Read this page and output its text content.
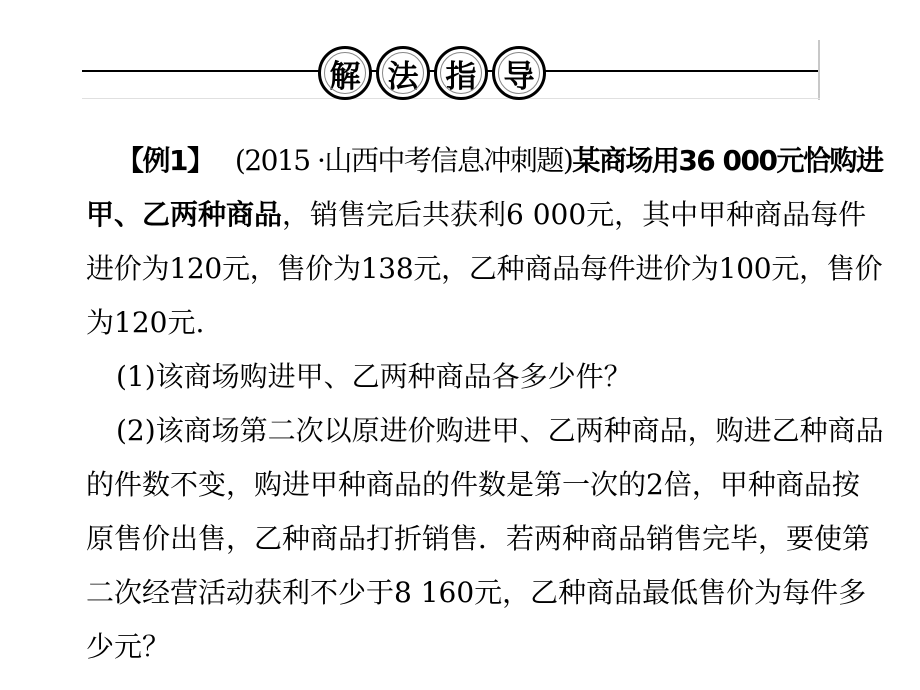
解 法 指 导
【例1】 (2015 ·山西中考信息冲刺题)某商场用36 000元恰购进
甲、乙两种商品，销售完后共获利6 000元，其中甲种商品每件
进价为120元，售价为138元，乙种商品每件进价为100元，售价
为120元.
(1)该商场购进甲、乙两种商品各多少件？
(2)该商场第二次以原进价购进甲、乙两种商品，购进乙种商品
的件数不变，购进甲种商品的件数是第一次的2倍，甲种商品按
原售价出售，乙种商品打折销售．若两种商品销售完毕，要使第
二次经营活动获利不少于8 160元，乙种商品最低售价为每件多
少元？
